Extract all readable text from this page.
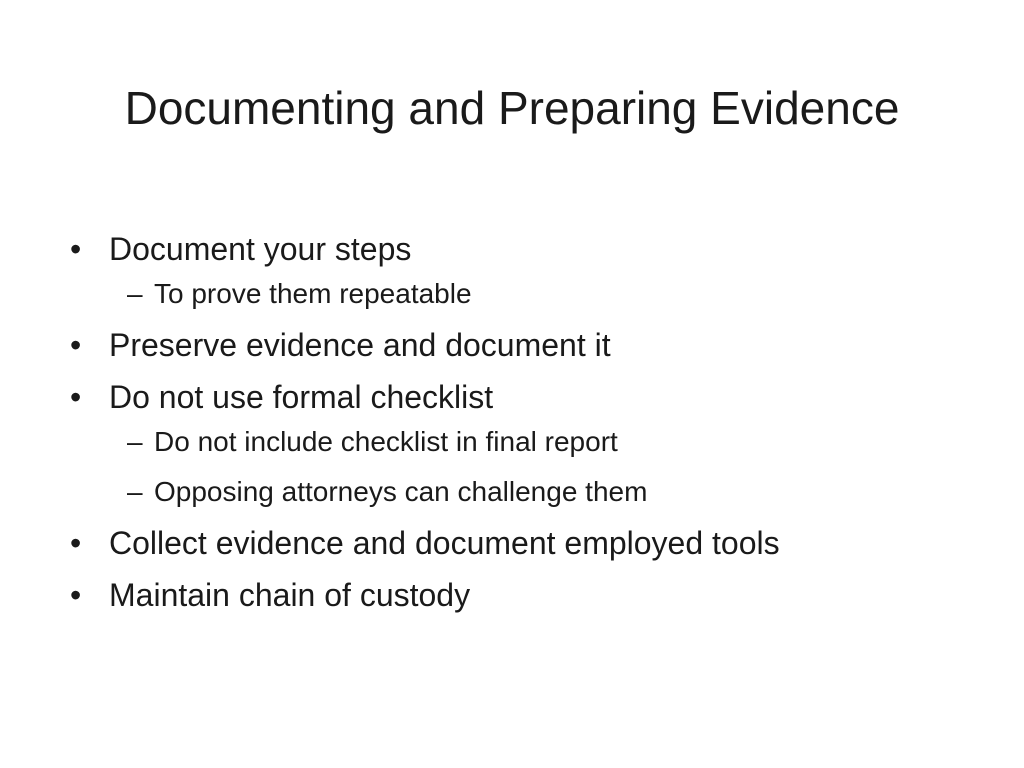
Documenting and Preparing Evidence
• Document your steps
– To prove them repeatable
• Preserve evidence and document it
• Do not use formal checklist
– Do not include checklist in final report
– Opposing attorneys can challenge them
• Collect evidence and document employed tools
• Maintain chain of custody
